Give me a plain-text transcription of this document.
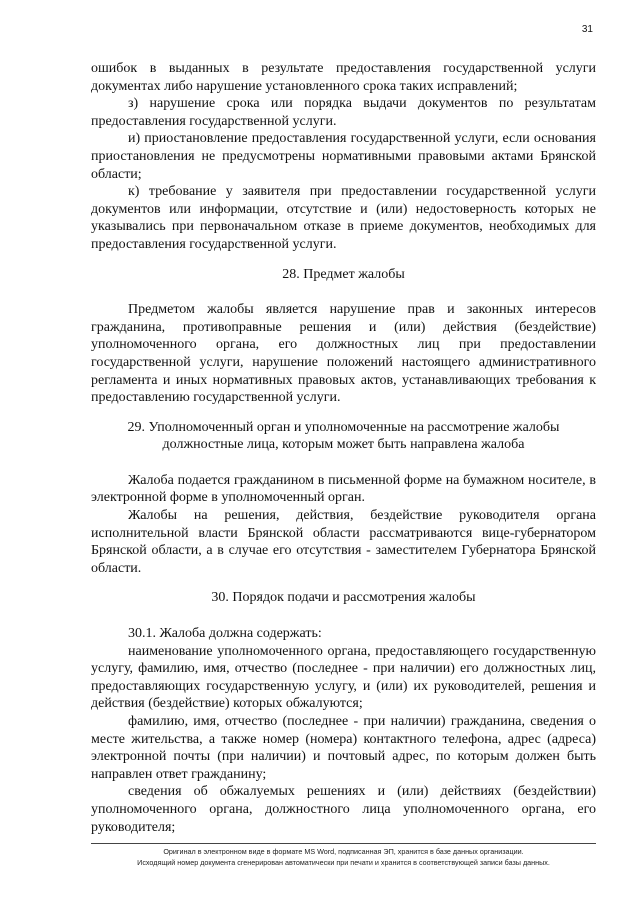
31

ошибок в выданных в результате предоставления государственной услуги документах либо нарушение установленного срока таких исправлений;

з) нарушение срока или порядка выдачи документов по результатам предоставления государственной услуги.

и) приостановление предоставления государственной услуги, если основания приостановления не предусмотрены нормативными правовыми актами Брянской области;

к) требование у заявителя при предоставлении государственной услуги документов или информации, отсутствие и (или) недостоверность которых не указывались при первоначальном отказе в приеме документов, необходимых для предоставления государственной услуги.

28. Предмет жалобы

Предметом жалобы является нарушение прав и законных интересов гражданина, противоправные решения и (или) действия (бездействие) уполномоченного органа, его должностных лиц при предоставлении государственной услуги, нарушение положений настоящего административного регламента и иных нормативных правовых актов, устанавливающих требования к предоставлению государственной услуги.

29. Уполномоченный орган и уполномоченные на рассмотрение жалобы должностные лица, которым может быть направлена жалоба

Жалоба подается гражданином в письменной форме на бумажном носителе, в электронной форме в уполномоченный орган.

Жалобы на решения, действия, бездействие руководителя органа исполнительной власти Брянской области рассматриваются вице-губернатором Брянской области, а в случае его отсутствия - заместителем Губернатора Брянской области.

30. Порядок подачи и рассмотрения жалобы

30.1. Жалоба должна содержать:

наименование уполномоченного органа, предоставляющего государственную услугу, фамилию, имя, отчество (последнее - при наличии) его должностных лиц, предоставляющих государственную услугу, и (или) их руководителей, решения и действия (бездействие) которых обжалуются;

фамилию, имя, отчество (последнее - при наличии) гражданина, сведения о месте жительства, а также номер (номера) контактного телефона, адрес (адреса) электронной почты (при наличии) и почтовый адрес, по которым должен быть направлен ответ гражданину;

сведения об обжалуемых решениях и (или) действиях (бездействии) уполномоченного органа, должностного лица уполномоченного органа, его руководителя;

Оригинал в электронном виде в формате MS Word, подписанная ЭП, хранится в базе данных организации.
Исходящий номер документа сгенерирован автоматически при печати и хранится в соответствующей записи базы данных.
